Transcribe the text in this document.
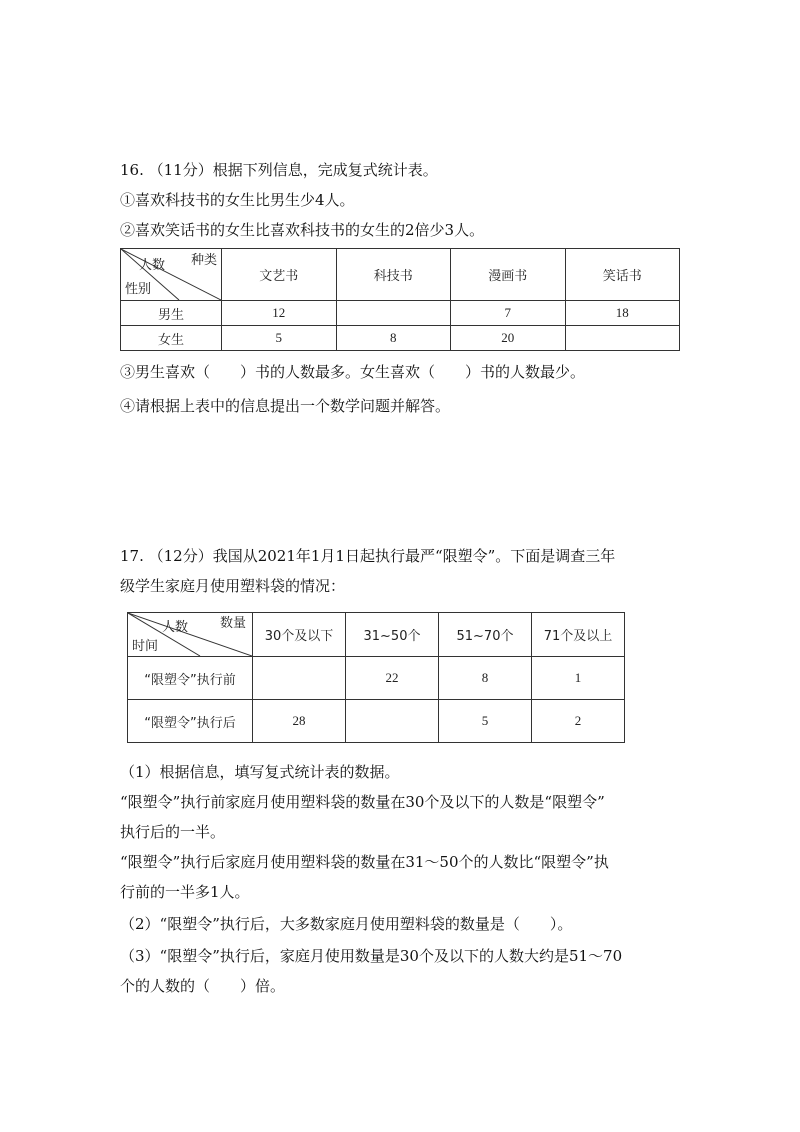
16. （11分）根据下列信息，完成复式统计表。
①喜欢科技书的女生比男生少4人。
②喜欢笑话书的女生比喜欢科技书的女生的2倍少3人。
种类
人数
性别	文艺书	科技书	漫画书	笑话书
男生	12		7	18
女生	5	8	20	
③男生喜欢（　　）书的人数最多。女生喜欢（　　）书的人数最少。
④请根据上表中的信息提出一个数学问题并解答。
17. （12分）我国从2021年1月1日起执行最严“限塑令”。下面是调查三年
级学生家庭月使用塑料袋的情况：
数量
人数
时间	30个及以下	31~50个	51~70个	71个及以上
“限塑令”执行前		22	8	1
“限塑令”执行后	28		5	2
（1）根据信息，填写复式统计表的数据。
“限塑令”执行前家庭月使用塑料袋的数量在30个及以下的人数是“限塑令”
执行后的一半。
“限塑令”执行后家庭月使用塑料袋的数量在31～50个的人数比“限塑令”执
行前的一半多1人。
（2）“限塑令”执行后，大多数家庭月使用塑料袋的数量是（　　）。
（3）“限塑令”执行后，家庭月使用数量是30个及以下的人数大约是51～70
个的人数的（　　）倍。
